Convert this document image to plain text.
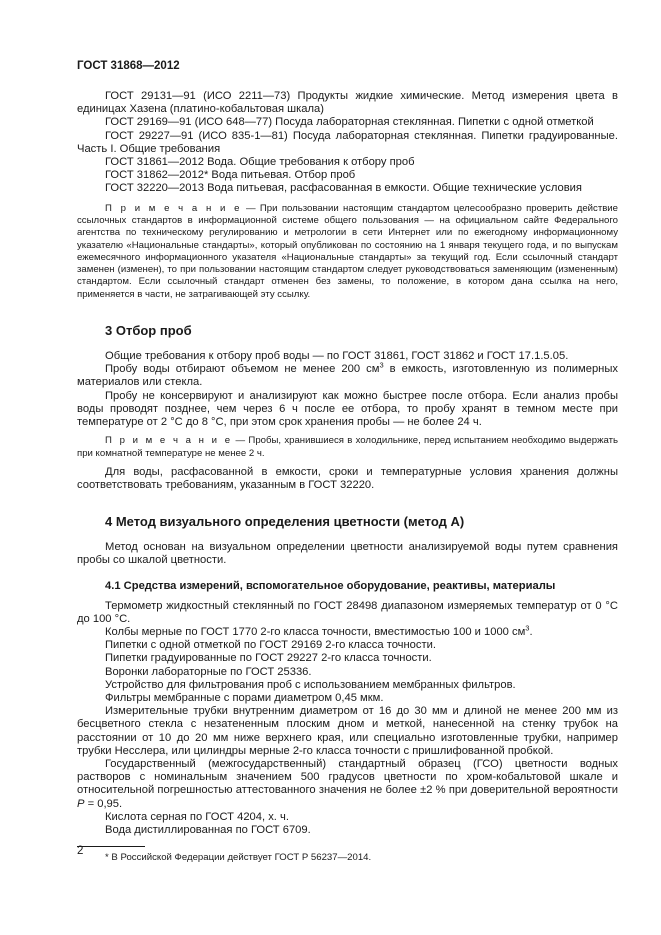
ГОСТ 31868—2012

ГОСТ 29131—91 (ИСО 2211—73) Продукты жидкие химические. Метод измерения цвета в единицах Хазена (платино-кобальтовая шкала)

ГОСТ 29169—91 (ИСО 648—77) Посуда лабораторная стеклянная. Пипетки с одной отметкой

ГОСТ 29227—91 (ИСО 835-1—81) Посуда лабораторная стеклянная. Пипетки градуированные. Часть I. Общие требования

ГОСТ 31861—2012 Вода. Общие требования к отбору проб

ГОСТ 31862—2012* Вода питьевая. Отбор проб

ГОСТ 32220—2013 Вода питьевая, расфасованная в емкости. Общие технические условия

П р и м е ч а н и е — При пользовании настоящим стандартом целесообразно проверить действие ссылочных стандартов в информационной системе общего пользования — на официальном сайте Федерального агентства по техническому регулированию и метрологии в сети Интернет или по ежегодному информационному указателю «Национальные стандарты», который опубликован по состоянию на 1 января текущего года, и по выпускам ежемесячного информационного указателя «Национальные стандарты» за текущий год. Если ссылочный стандарт заменен (изменен), то при пользовании настоящим стандартом следует руководствоваться заменяющим (измененным) стандартом. Если ссылочный стандарт отменен без замены, то положение, в котором дана ссылка на него, применяется в части, не затрагивающей эту ссылку.

3 Отбор проб

Общие требования к отбору проб воды — по ГОСТ 31861, ГОСТ 31862 и ГОСТ 17.1.5.05.

Пробу воды отбирают объемом не менее 200 $см^3$ в емкость, изготовленную из полимерных материалов или стекла.

Пробу не консервируют и анализируют как можно быстрее после отбора. Если анализ пробы воды проводят позднее, чем через 6 ч после ее отбора, то пробу хранят в темном месте при температуре от 2 °С до 8 °С, при этом срок хранения пробы — не более 24 ч.

П р и м е ч а н и е — Пробы, хранившиеся в холодильнике, перед испытанием необходимо выдержать при комнатной температуре не менее 2 ч.

Для воды, расфасованной в емкости, сроки и температурные условия хранения должны соответствовать требованиям, указанным в ГОСТ 32220.

4 Метод визуального определения цветности (метод А)

Метод основан на визуальном определении цветности анализируемой воды путем сравнения пробы со шкалой цветности.

4.1 Средства измерений, вспомогательное оборудование, реактивы, материалы

Термометр жидкостный стеклянный по ГОСТ 28498 диапазоном измеряемых температур от 0 °С до 100 °С.

Колбы мерные по ГОСТ 1770 2-го класса точности, вместимостью 100 и 1000 $см^3$.

Пипетки с одной отметкой по ГОСТ 29169 2-го класса точности.

Пипетки градуированные по ГОСТ 29227 2-го класса точности.

Воронки лабораторные по ГОСТ 25336.

Устройство для фильтрования проб с использованием мембранных фильтров.

Фильтры мембранные с порами диаметром 0,45 мкм.

Измерительные трубки внутренним диаметром от 16 до 30 мм и длиной не менее 200 мм из бесцветного стекла с незатененным плоским дном и меткой, нанесенной на стенку трубок на расстоянии от 10 до 20 мм ниже верхнего края, или специально изготовленные трубки, например трубки Несслера, или цилиндры мерные 2-го класса точности с пришлифованной пробкой.

Государственный (межгосударственный) стандартный образец (ГСО) цветности водных растворов с номинальным значением 500 градусов цветности по хром-кобальтовой шкале и относительной погрешностью аттестованного значения не более ±2 % при доверительной вероятности P = 0,95.

Кислота серная по ГОСТ 4204, х. ч.

Вода дистиллированная по ГОСТ 6709.

* В Российской Федерации действует ГОСТ Р 56237—2014.

2
